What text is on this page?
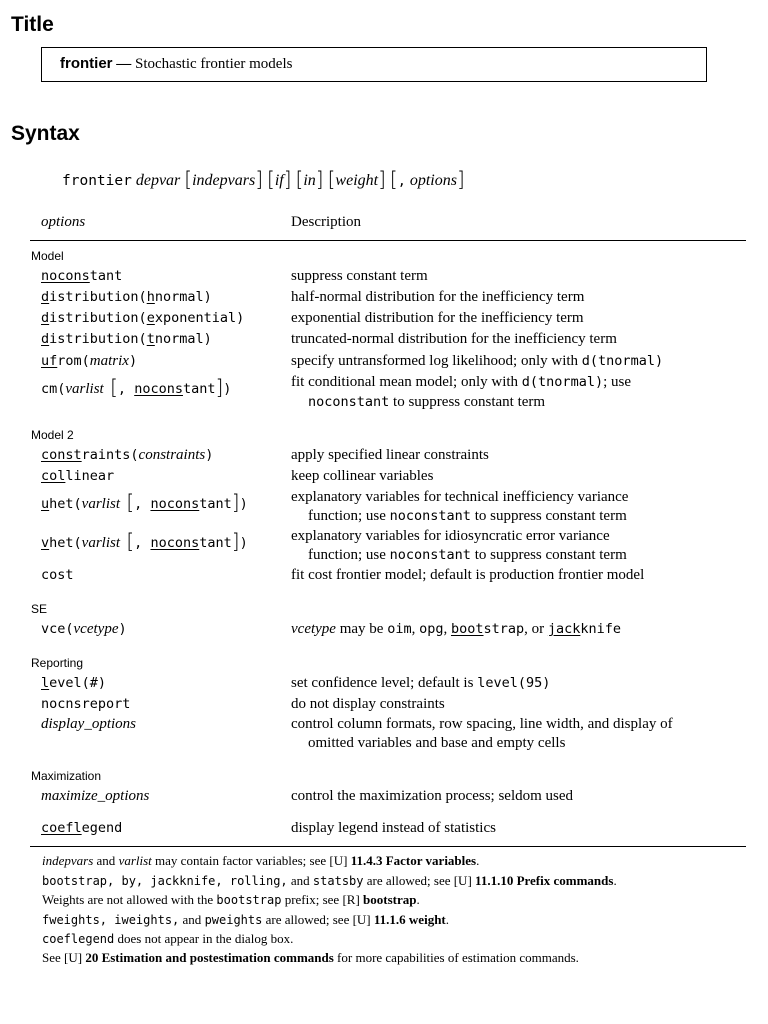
Title
frontier — Stochastic frontier models
Syntax
frontier depvar [indepvars] [if] [in] [weight] [, options]
options	Description
Model
noconstant	suppress constant term
distribution(hnormal)	half-normal distribution for the inefficiency term
distribution(exponential)	exponential distribution for the inefficiency term
distribution(tnormal)	truncated-normal distribution for the inefficiency term
ufrom(matrix)	specify untransformed log likelihood; only with d(tnormal)
cm(varlist [, noconstant])	fit conditional mean model; only with d(tnormal); use
noconstant to suppress constant term
Model 2
constraints(constraints)	apply specified linear constraints
collinear	keep collinear variables
uhet(varlist [, noconstant])	explanatory variables for technical inefficiency variance
function; use noconstant to suppress constant term
vhet(varlist [, noconstant])	explanatory variables for idiosyncratic error variance
function; use noconstant to suppress constant term
cost	fit cost frontier model; default is production frontier model
SE
vce(vcetype)	vcetype may be oim, opg, bootstrap, or jackknife
Reporting
level(#)	set confidence level; default is level(95)
nocnsreport	do not display constraints
display_options	control column formats, row spacing, line width, and display of
omitted variables and base and empty cells
Maximization
maximize_options	control the maximization process; seldom used
coeflegend	display legend instead of statistics
indepvars and varlist may contain factor variables; see [U] 11.4.3 Factor variables.
bootstrap, by, jackknife, rolling, and statsby are allowed; see [U] 11.1.10 Prefix commands.
Weights are not allowed with the bootstrap prefix; see [R] bootstrap.
fweights, iweights, and pweights are allowed; see [U] 11.1.6 weight.
coeflegend does not appear in the dialog box.
See [U] 20 Estimation and postestimation commands for more capabilities of estimation commands.
